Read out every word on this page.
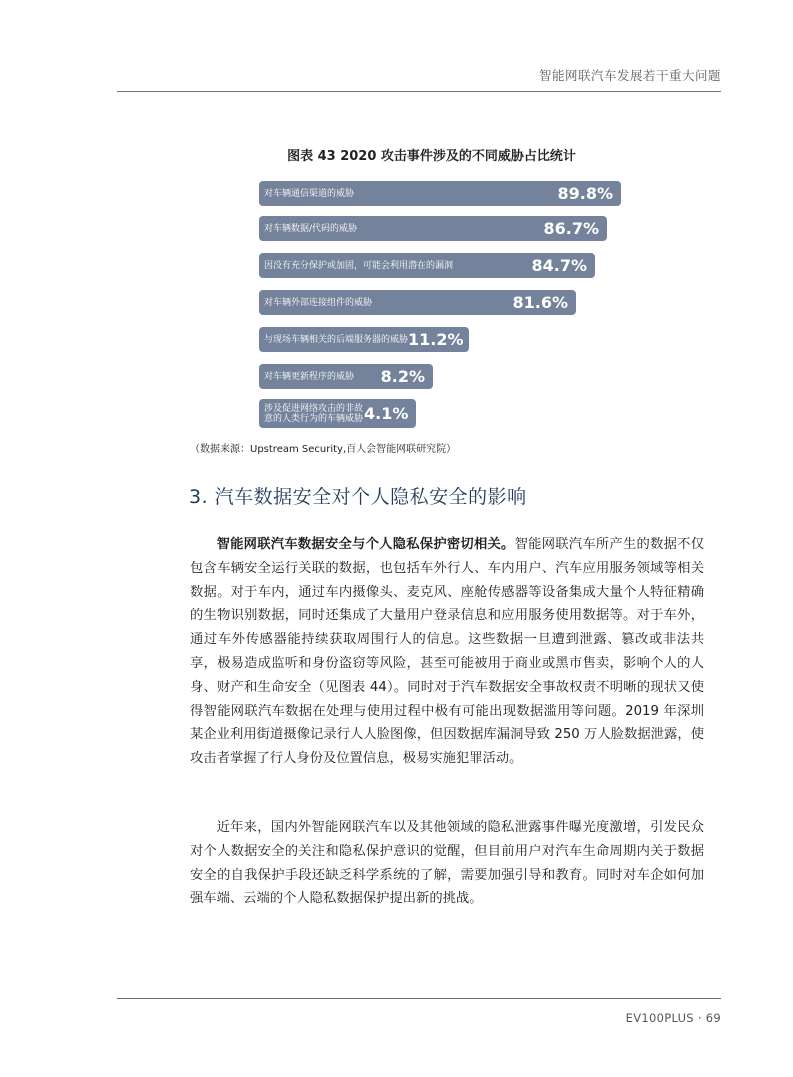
智能网联汽车发展若干重大问题
图表 43 2020 攻击事件涉及的不同威胁占比统计
对车辆通信渠道的威胁	89.8%
对车辆数据/代码的威胁	86.7%
因没有充分保护或加固，可能会利用潜在的漏洞	84.7%
对车辆外部连接组件的威胁	81.6%
与现场车辆相关的后端服务器的威胁 11.2%
对车辆更新程序的威胁	8.2%
涉及促进网络攻击的非故意的人类行为的车辆威胁 4.1%
（数据来源：Upstream Security,百人会智能网联研究院）
3. 汽车数据安全对个人隐私安全的影响

智能网联汽车数据安全与个人隐私保护密切相关。智能网联汽车所产生的数据不仅包含车辆安全运行关联的数据，也包括车外行人、车内用户、汽车应用服务领域等相关数据。对于车内，通过车内摄像头、麦克风、座舱传感器等设备集成大量个人特征精确的生物识别数据，同时还集成了大量用户登录信息和应用服务使用数据等。对于车外，通过车外传感器能持续获取周围行人的信息。这些数据一旦遭到泄露、篡改或非法共享，极易造成监听和身份盗窃等风险，甚至可能被用于商业或黑市售卖，影响个人的人身、财产和生命安全（见图表 44）。同时对于汽车数据安全事故权责不明晰的现状又使得智能网联汽车数据在处理与使用过程中极有可能出现数据滥用等问题。2019 年深圳某企业利用街道摄像记录行人人脸图像，但因数据库漏洞导致 250 万人脸数据泄露，使攻击者掌握了行人身份及位置信息，极易实施犯罪活动。

近年来，国内外智能网联汽车以及其他领域的隐私泄露事件曝光度激增，引发民众对个人数据安全的关注和隐私保护意识的觉醒，但目前用户对汽车生命周期内关于数据安全的自我保护手段还缺乏科学系统的了解，需要加强引导和教育。同时对车企如何加强车端、云端的个人隐私数据保护提出新的挑战。

EV100PLUS · 69
